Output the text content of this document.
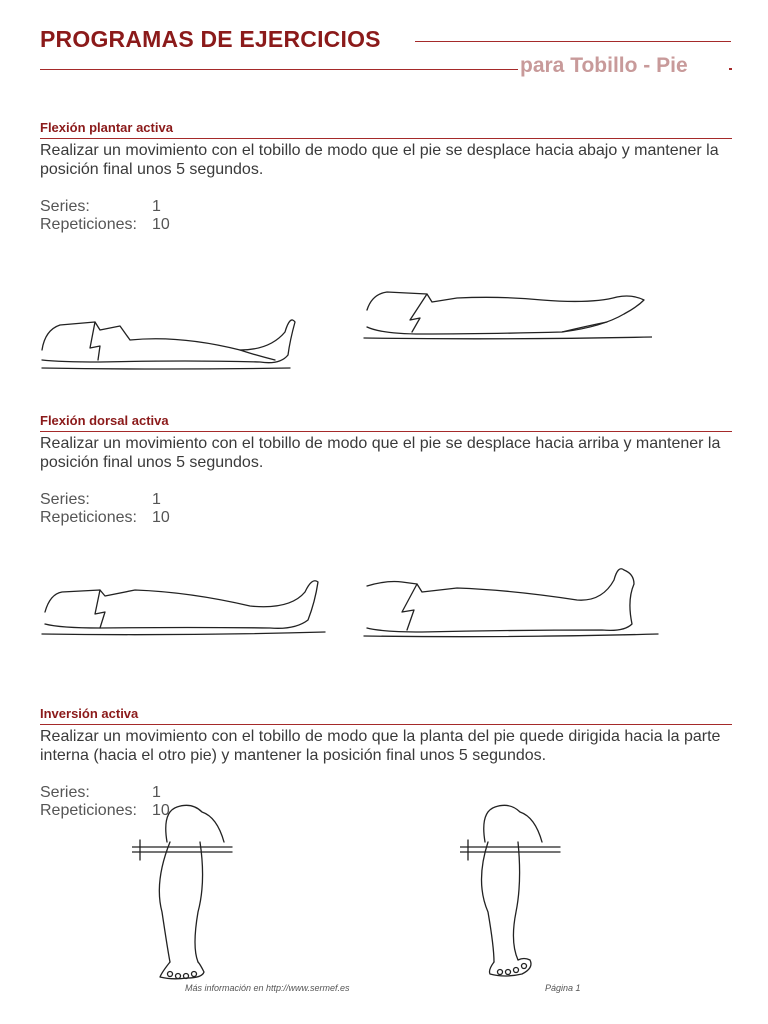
PROGRAMAS DE EJERCICIOS
para Tobillo - Pie
Flexión plantar activa
Realizar un movimiento con el tobillo de modo que el pie se desplace hacia abajo y mantener la posición final unos 5 segundos.
Series:	1
Repeticiones: 10
Flexión dorsal activa
Realizar un movimiento con el tobillo de modo que el pie se desplace hacia arriba y mantener la posición final unos 5 segundos.
Series:	1
Repeticiones: 10
Inversión activa
Realizar un movimiento con el tobillo de modo que la planta del pie quede dirigida hacia la parte interna (hacia el otro pie) y mantener la posición final unos 5 segundos.
Series:	1
Repeticiones: 10
Más información en http://www.sermef.es	Página 1
